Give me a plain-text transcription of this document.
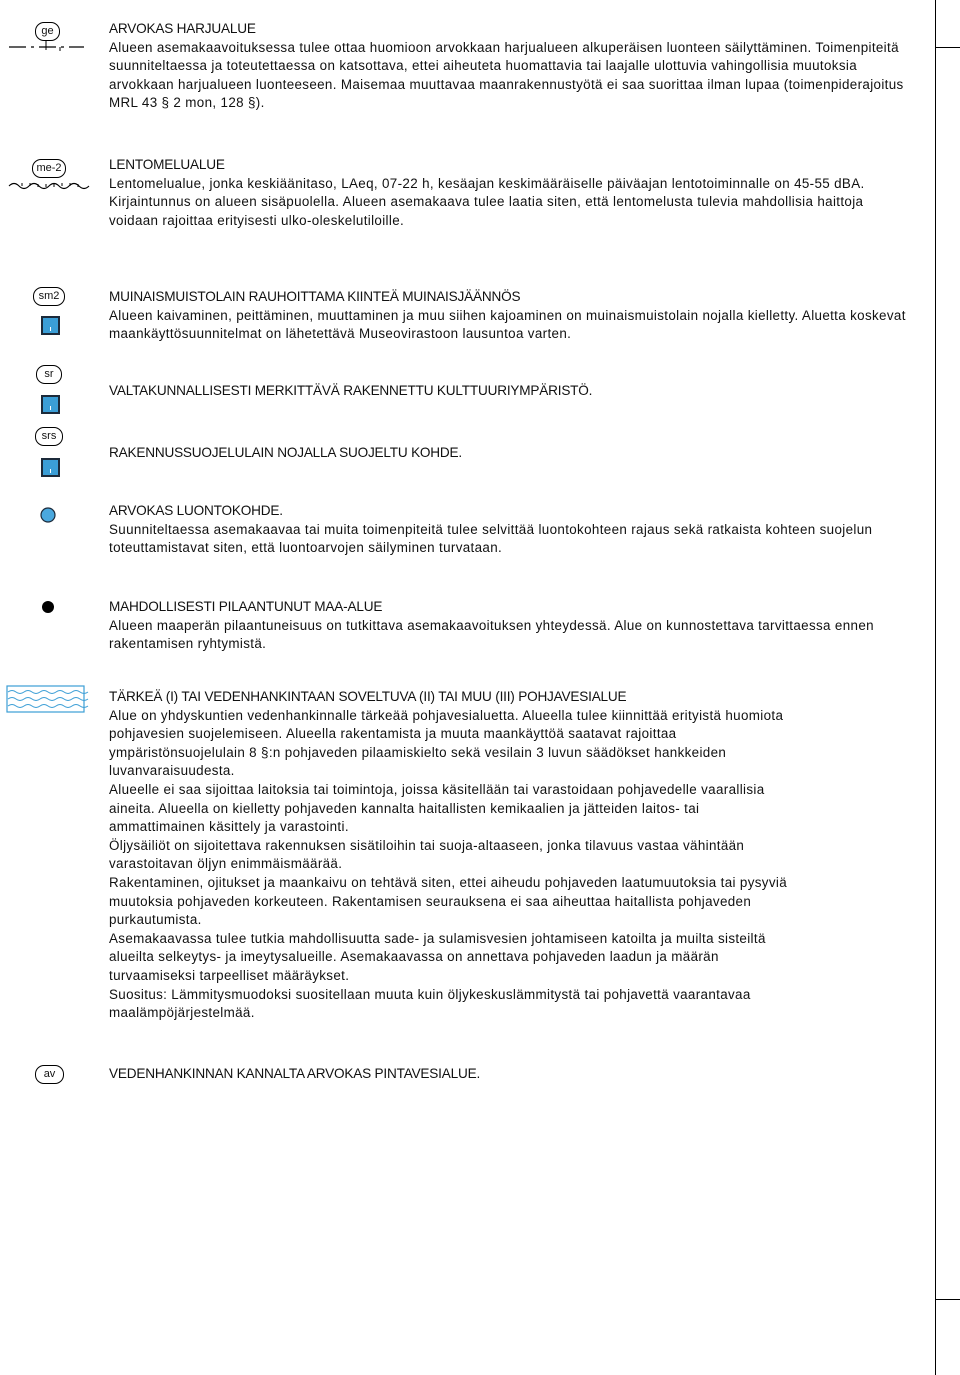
ge	ARVOKAS HARJUALUE
Alueen asemakaavoituksessa tulee ottaa huomioon arvokkaan harjualueen alkuperäisen luonteen säilyttäminen. Toimenpiteitä suunniteltaessa ja toteutettaessa on katsottava, ettei aiheuteta huomattavia tai laajalle ulottuvia vahingollisia muutoksia arvokkaan harjualueen luonteeseen. Maisemaa muuttavaa maanrakennustyötä ei saa suorittaa ilman lupaa (toimenpiderajoitus MRL 43 § 2 mon, 128 §).
me-2	LENTOMELUALUE
Lentomelualue, jonka keskiäänitaso, LAeq, 07-22 h, kesäajan keskimääräiselle päiväajan lentotoiminnalle on 45-55 dBA. Kirjaintunnus on alueen sisäpuolella. Alueen asemakaava tulee laatia siten, että lentomelusta tulevia mahdollisia haittoja voidaan rajoittaa erityisesti ulko-oleskelutiloille.
sm2	MUINAISMUISTOLAIN RAUHOITTAMA KIINTEÄ MUINAISJÄÄNNÖS
Alueen kaivaminen, peittäminen, muuttaminen ja muu siihen kajoaminen on muinaismuistolain nojalla kielletty. Aluetta koskevat maankäyttösuunnitelmat on lähetettävä Museovirastoon lausuntoa varten.
sr
VALTAKUNNALLISESTI MERKITTÄVÄ RAKENNETTU KULTTUURIYMPÄRISTÖ.
srs
RAKENNUSSUOJELULAIN NOJALLA SUOJELTU KOHDE.
ARVOKAS LUONTOKOHDE.
Suunniteltaessa asemakaavaa tai muita toimenpiteitä tulee selvittää luontokohteen rajaus sekä ratkaista kohteen suojelun toteuttamistavat siten, että luontoarvojen säilyminen turvataan.
MAHDOLLISESTI PILAANTUNUT MAA-ALUE
Alueen maaperän pilaantuneisuus on tutkittava asemakaavoituksen yhteydessä. Alue on kunnostettava tarvittaessa ennen rakentamisen ryhtymistä.
TÄRKEÄ (I) TAI VEDENHANKINTAAN SOVELTUVA (II) TAI MUU (III) POHJAVESIALUE
Alue on yhdyskuntien vedenhankinnalle tärkeää pohjavesialuetta. Alueella tulee kiinnittää erityistä huomiota pohjavesien suojelemiseen. Alueella rakentamista ja muuta maankäyttöä saatavat rajoittaa ympäristönsuojelulain 8 §:n pohjaveden pilaamiskielto sekä vesilain 3 luvun säädökset hankkeiden luvanvaraisuudesta.
Alueelle ei saa sijoittaa laitoksia tai toimintoja, joissa käsitellään tai varastoidaan pohjavedelle vaarallisia aineita. Alueella on kielletty pohjaveden kannalta haitallisten kemikaalien ja jätteiden laitos- tai ammattimainen käsittely ja varastointi.
Öljysäiliöt on sijoitettava rakennuksen sisätiloihin tai suoja-altaaseen, jonka tilavuus vastaa vähintään varastoitavan öljyn enimmäismäärää.
Rakentaminen, ojitukset ja maankaivu on tehtävä siten, ettei aiheudu pohjaveden laatumuutoksia tai pysyviä muutoksia pohjaveden korkeuteen. Rakentamisen seurauksena ei saa aiheuttaa haitallista pohjaveden purkautumista.
Asemakaavassa tulee tutkia mahdollisuutta sade- ja sulamisvesien johtamiseen katoilta ja muilta sisteiltä alueilta selkeytys- ja imeytysalueille. Asemakaavassa on annettava pohjaveden laadun ja määrän turvaamiseksi tarpeelliset määräykset.
Suositus: Lämmitysmuodoksi suositellaan muuta kuin öljykeskuslämmitystä tai pohjavettä vaarantavaa maalämpöjärjestelmää.
av	VEDENHANKINNAN KANNALTA ARVOKAS PINTAVESIALUE.
